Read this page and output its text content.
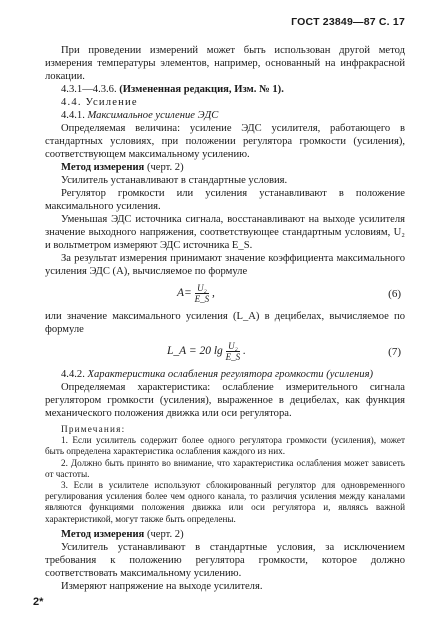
ГОСТ 23849—87 С. 17

При проведении измерений может быть использован другой метод измерения температуры элементов, например, основанный на инфракрасной локации.

4.3.1—4.3.6. (Измененная редакция, Изм. № 1).

4.4. Усиление

4.4.1. Максимальное усиление ЭДС

Определяемая величина: усиление ЭДС усилителя, работающего в стандартных условиях, при положении регулятора громкости (усиления), соответствующем максимальному усилению.

Метод измерения (черт. 2)

Усилитель устанавливают в стандартные условия.

Регулятор громкости или усиления устанавливают в положение максимального усиления.

Уменьшая ЭДС источника сигнала, восстанавливают на выходе усилителя значение выходного напряжения, соответствующее стандартным условиям, U₂ и вольтметром измеряют ЭДС источника E_S.

За результат измерения принимают значение коэффициента максимального усиления ЭДС (A), вычисляемое по формуле

$A= \frac{\text{U₂}}{E\_S}$ ,	(6)

или значение максимального усиления (L_A) в децибелах, вычисляемое по формуле

L_A = 20 $\lg \frac{\text{U₂}}{E\_S}$ .	(7)

4.4.2. Характеристика ослабления регулятора громкости (усиления)

Определяемая характеристика: ослабление измерительного сигнала регулятором громкости (усиления), выраженное в децибелах, как функция механического положения движка или оси регулятора.

Примечания:

1. Если усилитель содержит более одного регулятора громкости (усиления), может быть определена характеристика ослабления каждого из них.

2. Должно быть принято во внимание, что характеристика ослабления может зависеть от частоты.

3. Если в усилителе используют сблокированный регулятор для одновременного регулирования усиления более чем одного канала, то различия усиления между каналами являются функциями положения движка или оси регулятора и, являясь важной характеристикой, могут также быть определены.

Метод измерения (черт. 2)

Усилитель устанавливают в стандартные условия, за исключением требования к положению регулятора громкости, которое должно соответствовать максимальному усилению.

Измеряют напряжение на выходе усилителя.

2*
